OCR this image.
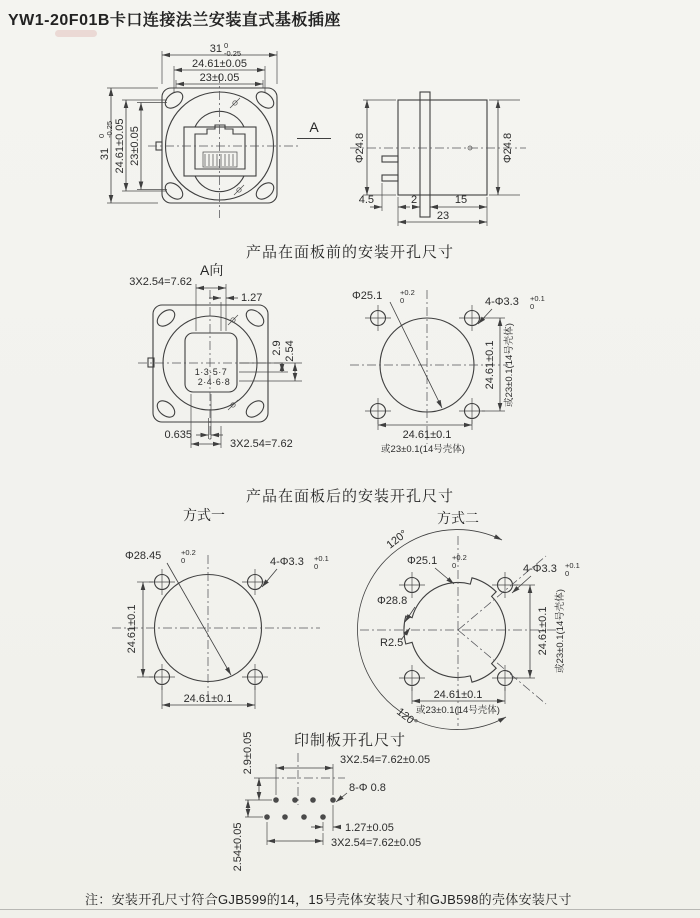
YW1-20F01B卡口连接法兰安装直式基板插座
31 0
-0.25
24.61±0.05
23±0.05
31
0 -0.25 24.61±0.05 23±0.05	A
Φ24.8	Φ24.8
4.5	2	15
23
产品在面板前的安装开孔尺寸
A向
1·3·5·7
2·4·6·8
3X2.54=7.62
1.27
2.9 2.54
0.635
3X2.54=7.62
Φ25.1 +0.2
0	4-Φ3.3 +0.1
0
24.61±0.1 或23±0.1(14号壳体)
24.61±0.1
或23±0.1(14号壳体)
产品在面板后的安装开孔尺寸
方式一	方式二
Φ28.45	+0.2
0	4-Φ3.3 +0.1
0
24.61±0.1
24.61±0.1
120°
120°
Φ25.1 +0.2
0	4-Φ3.3 +0.1
0
Φ28.8
R2.5
24.61±0.1
或23±0.1(14号壳体)
24.61±0.1 或23±0.1(14号壳体)
印制板开孔尺寸
3X2.54=7.62±0.05
2.9±0.05
2.54±0.05
8-Φ 0.8
1.27±0.05
3X2.54=7.62±0.05
注：安装开孔尺寸符合GJB599的14，15号壳体安装尺寸和GJB598的壳体安装尺寸
